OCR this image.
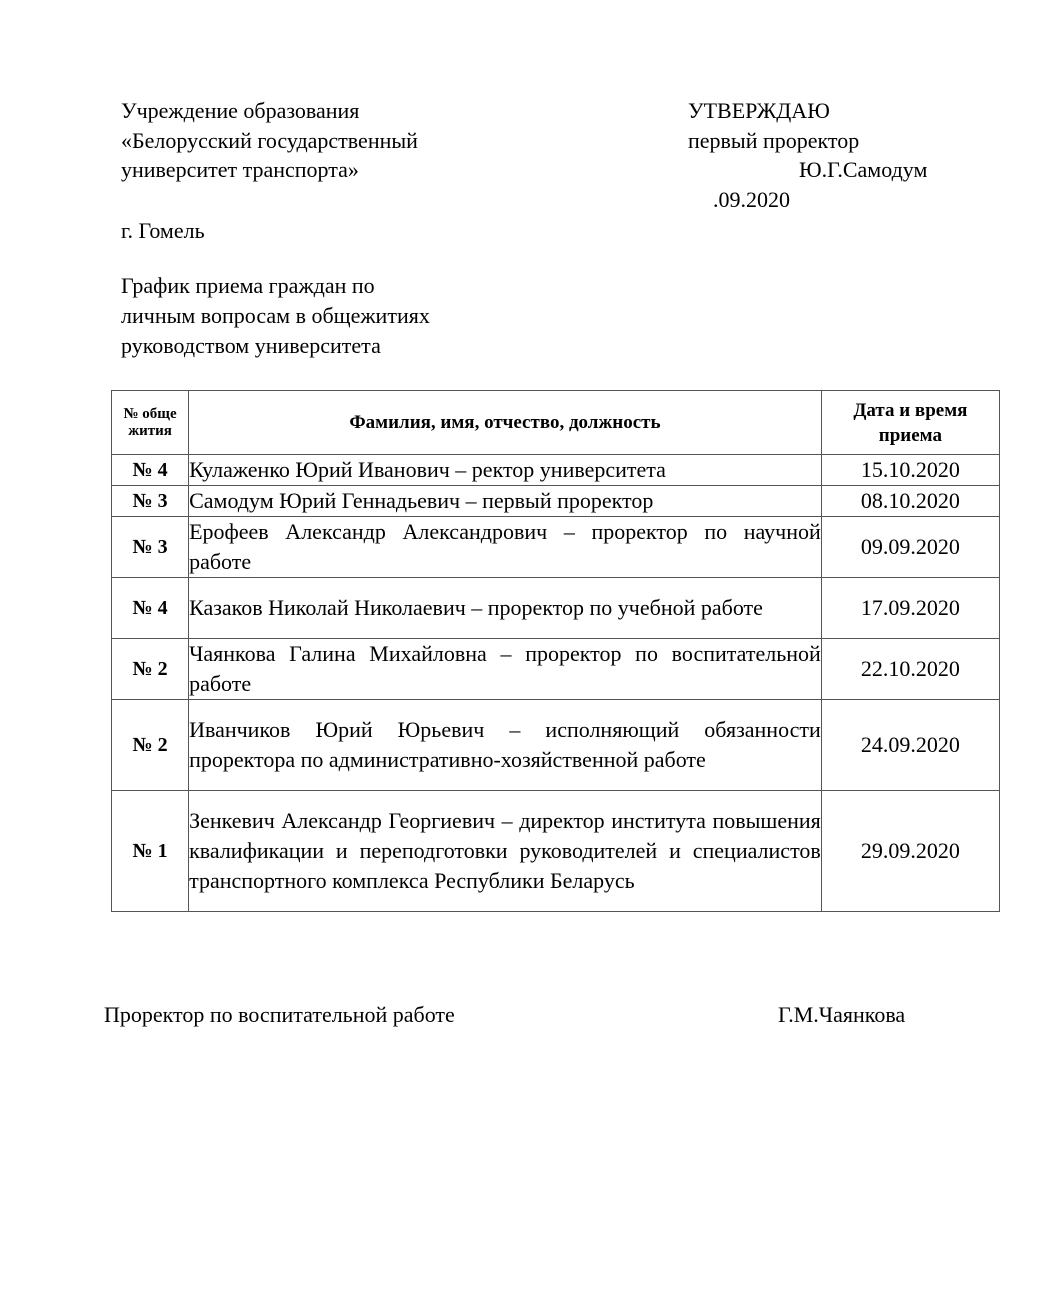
Учреждение образования
«Белорусский государственный
университет транспорта»
УТВЕРЖДАЮ
первый проректор
Ю.Г.Самодум
.09.2020
г. Гомель
График приема граждан по
личным вопросам в общежитиях
руководством университета
№ обще жития	Фамилия, имя, отчество, должность	Дата и время приема
№ 4	Кулаженко Юрий Иванович – ректор университета	15.10.2020
№ 3	Самодум Юрий Геннадьевич – первый проректор	08.10.2020
№ 3	Ерофеев Александр Александрович – проректор по научной работе	09.09.2020
№ 4	Казаков Николай Николаевич – проректор по учебной работе	17.09.2020
№ 2	Чаянкова Галина Михайловна – проректор по воспитательной работе	22.10.2020
№ 2	Иванчиков Юрий Юрьевич – исполняющий обязанности проректора по административно-хозяйственной работе	24.09.2020
№ 1	Зенкевич Александр Георгиевич – директор института повышения квалификации и переподготовки руководителей и специалистов транспортного комплекса Республики Беларусь	29.09.2020
Проректор по воспитательной работе	Г.М.Чаянкова
